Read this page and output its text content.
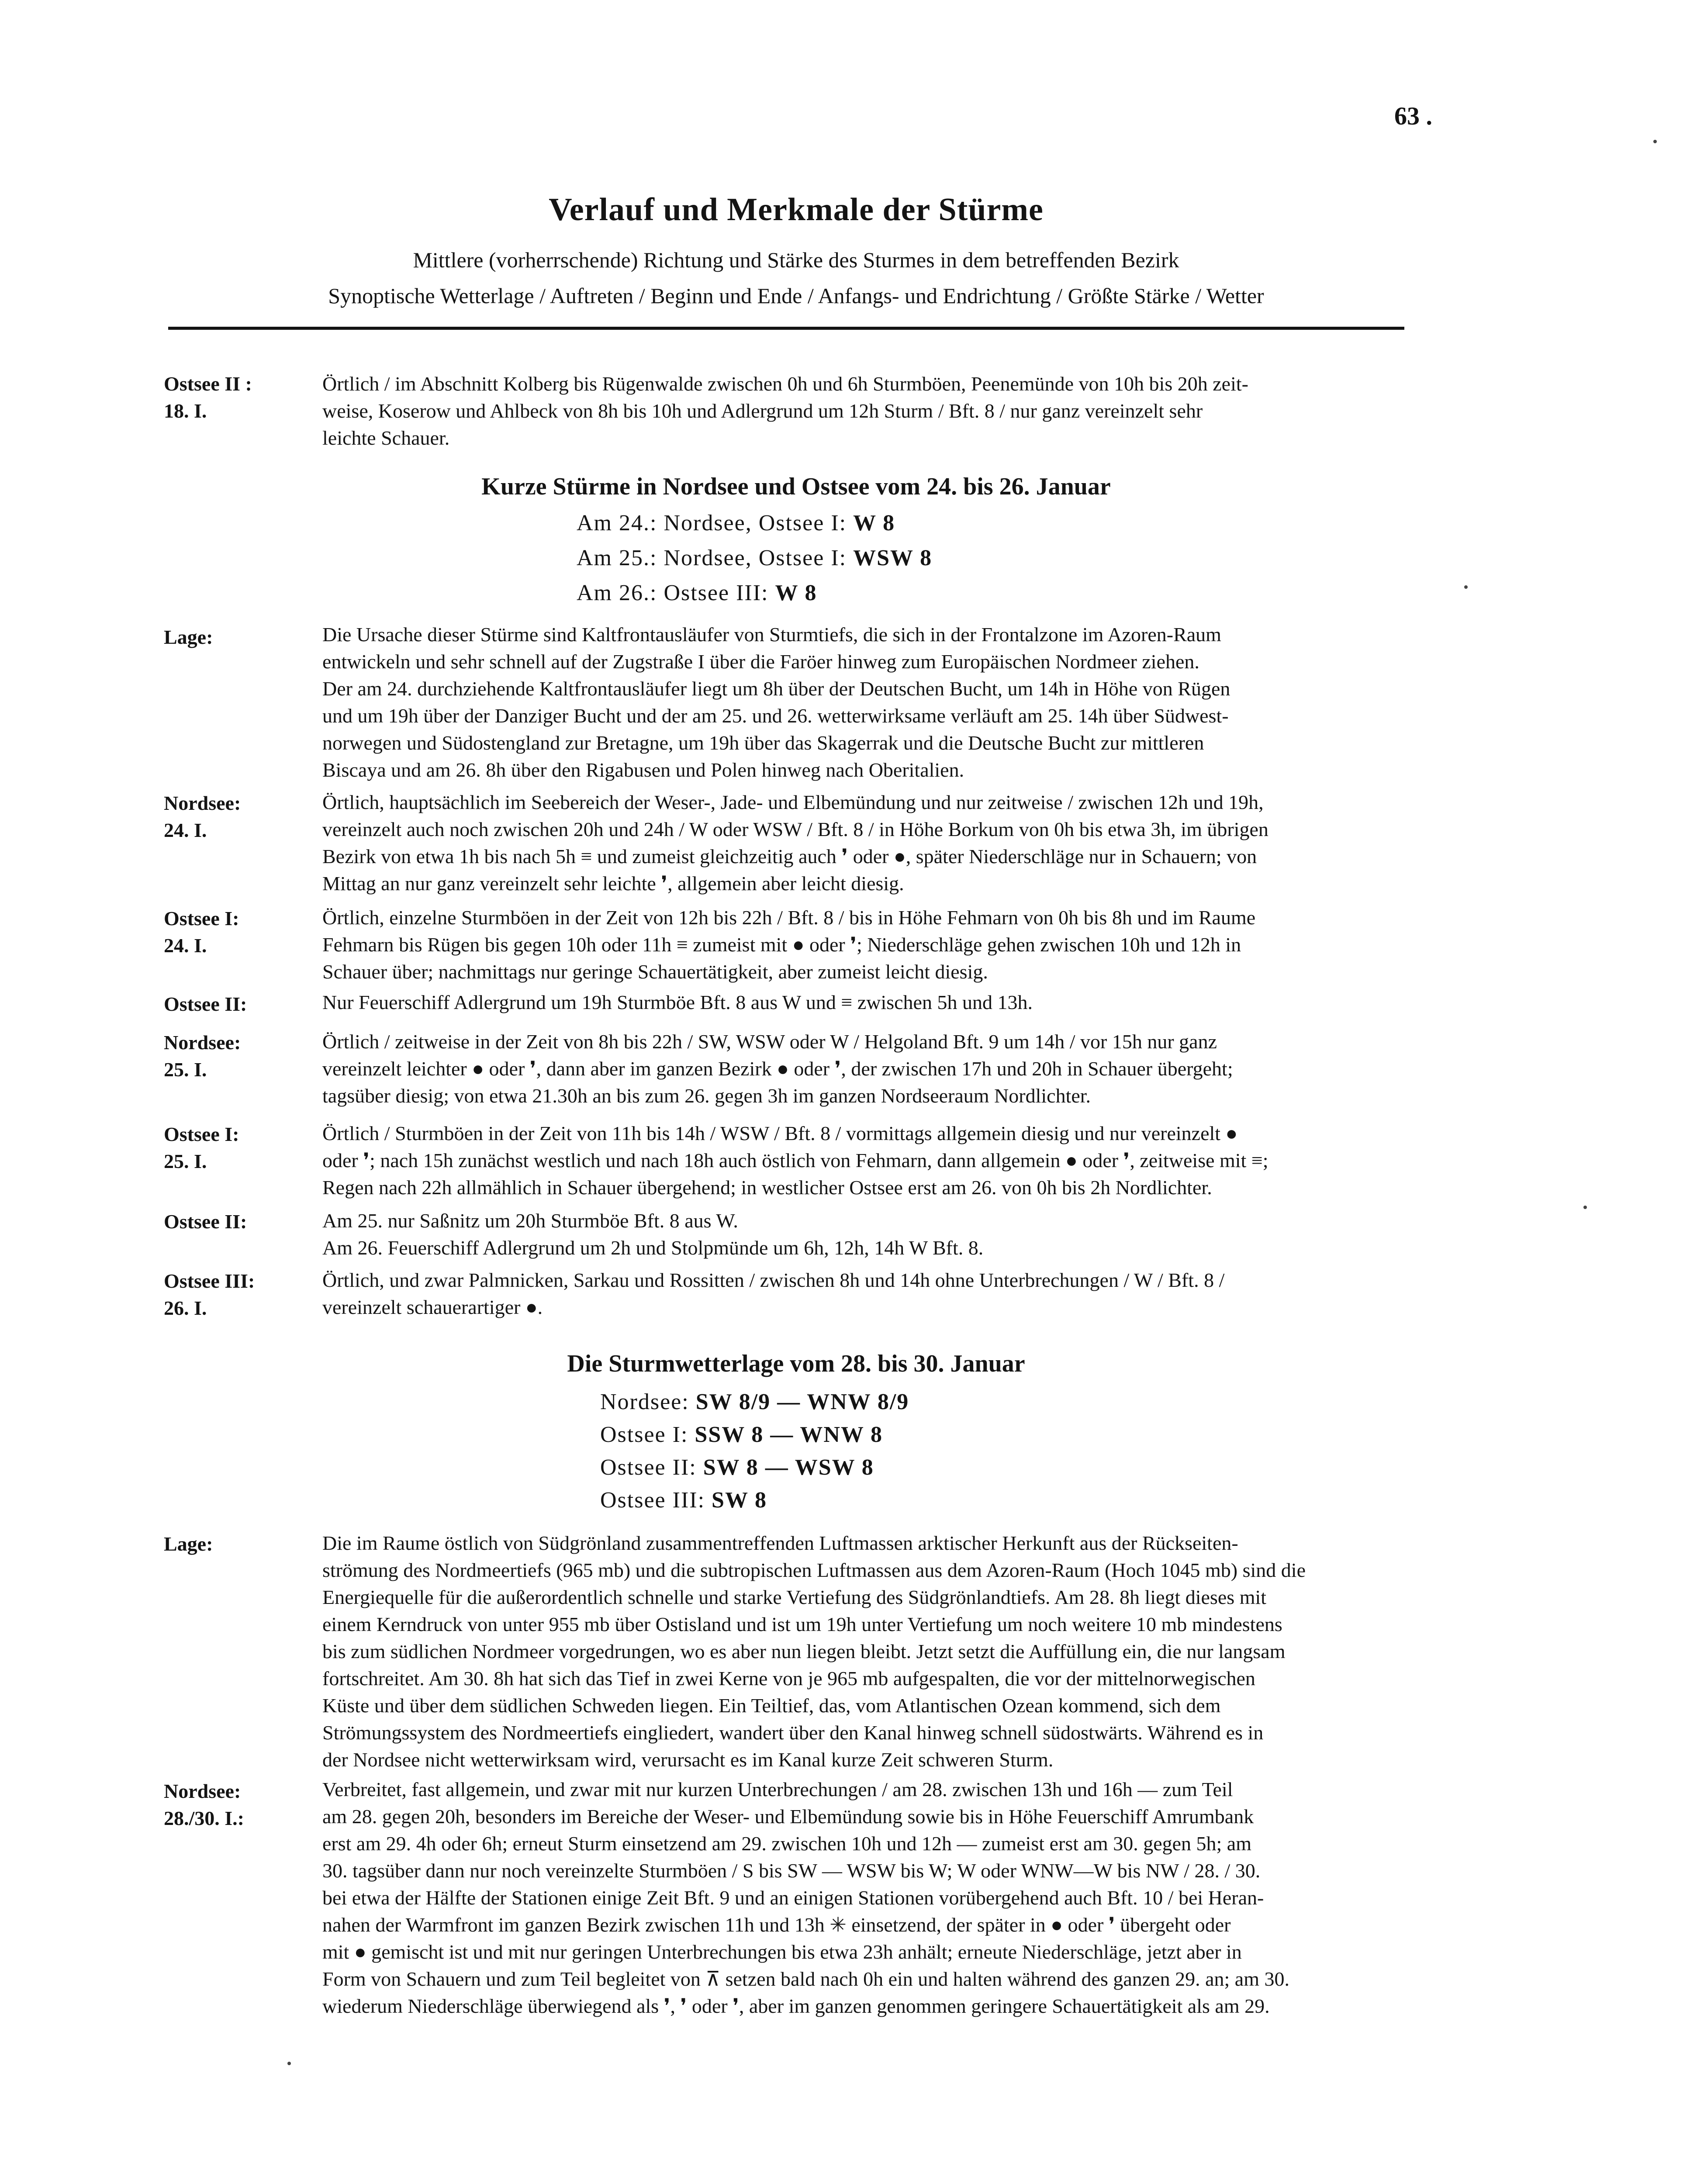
63 .
Verlauf und Merkmale der Stürme
Mittlere (vorherrschende) Richtung und Stärke des Sturmes in dem betreffenden Bezirk
Synoptische Wetterlage / Auftreten / Beginn und Ende / Anfangs- und Endrichtung / Größte Stärke / Wetter
Ostsee II :
18. I.
Örtlich / im Abschnitt Kolberg bis Rügenwalde zwischen 0h und 6h Sturmböen, Peenemünde von 10h bis 20h zeit-
weise, Koserow und Ahlbeck von 8h bis 10h und Adlergrund um 12h Sturm / Bft. 8 / nur ganz vereinzelt sehr
leichte Schauer.
Kurze Stürme in Nordsee und Ostsee vom 24. bis 26. Januar
Am 24.: Nordsee, Ostsee I: W 8
Am 25.: Nordsee, Ostsee I: WSW 8
Am 26.: Ostsee III: W 8
Lage:	Die Ursache dieser Stürme sind Kaltfrontausläufer von Sturmtiefs, die sich in der Frontalzone im Azoren-Raum
entwickeln und sehr schnell auf der Zugstraße I über die Faröer hinweg zum Europäischen Nordmeer ziehen.
Der am 24. durchziehende Kaltfrontausläufer liegt um 8h über der Deutschen Bucht, um 14h in Höhe von Rügen
und um 19h über der Danziger Bucht und der am 25. und 26. wetterwirksame verläuft am 25. 14h über Südwest-
norwegen und Südostengland zur Bretagne, um 19h über das Skagerrak und die Deutsche Bucht zur mittleren
Biscaya und am 26. 8h über den Rigabusen und Polen hinweg nach Oberitalien.
Nordsee:
24. I.
Örtlich, hauptsächlich im Seebereich der Weser-, Jade- und Elbemündung und nur zeitweise / zwischen 12h und 19h,
vereinzelt auch noch zwischen 20h und 24h / W oder WSW / Bft. 8 / in Höhe Borkum von 0h bis etwa 3h, im übrigen
Bezirk von etwa 1h bis nach 5h ≡ und zumeist gleichzeitig auch ❜ oder ●, später Niederschläge nur in Schauern; von
Mittag an nur ganz vereinzelt sehr leichte ❜, allgemein aber leicht diesig.
Ostsee I:
24. I.
Örtlich, einzelne Sturmböen in der Zeit von 12h bis 22h / Bft. 8 / bis in Höhe Fehmarn von 0h bis 8h und im Raume
Fehmarn bis Rügen bis gegen 10h oder 11h ≡ zumeist mit ● oder ❜; Niederschläge gehen zwischen 10h und 12h in
Schauer über; nachmittags nur geringe Schauertätigkeit, aber zumeist leicht diesig.
Ostsee II:	Nur Feuerschiff Adlergrund um 19h Sturmböe Bft. 8 aus W und ≡ zwischen 5h und 13h.
Nordsee:
25. I.
Örtlich / zeitweise in der Zeit von 8h bis 22h / SW, WSW oder W / Helgoland Bft. 9 um 14h / vor 15h nur ganz
vereinzelt leichter ● oder ❜, dann aber im ganzen Bezirk ● oder ❜, der zwischen 17h und 20h in Schauer übergeht;
tagsüber diesig; von etwa 21.30h an bis zum 26. gegen 3h im ganzen Nordseeraum Nordlichter.
Ostsee I:
25. I.
Örtlich / Sturmböen in der Zeit von 11h bis 14h / WSW / Bft. 8 / vormittags allgemein diesig und nur vereinzelt ●
oder ❜; nach 15h zunächst westlich und nach 18h auch östlich von Fehmarn, dann allgemein ● oder ❜, zeitweise mit ≡;
Regen nach 22h allmählich in Schauer übergehend; in westlicher Ostsee erst am 26. von 0h bis 2h Nordlichter.
Ostsee II:	Am 25. nur Saßnitz um 20h Sturmböe Bft. 8 aus W.
Am 26. Feuerschiff Adlergrund um 2h und Stolpmünde um 6h, 12h, 14h W Bft. 8.
Ostsee III:
26. I.
Örtlich, und zwar Palmnicken, Sarkau und Rossitten / zwischen 8h und 14h ohne Unterbrechungen / W / Bft. 8 /
vereinzelt schauerartiger ●.
Die Sturmwetterlage vom 28. bis 30. Januar
Nordsee: SW 8/9 — WNW 8/9
Ostsee I: SSW 8 — WNW 8
Ostsee II: SW 8 — WSW 8
Ostsee III: SW 8
Lage:	Die im Raume östlich von Südgrönland zusammentreffenden Luftmassen arktischer Herkunft aus der Rückseiten-
strömung des Nordmeertiefs (965 mb) und die subtropischen Luftmassen aus dem Azoren-Raum (Hoch 1045 mb) sind die
Energiequelle für die außerordentlich schnelle und starke Vertiefung des Südgrönlandtiefs. Am 28. 8h liegt dieses mit
einem Kerndruck von unter 955 mb über Ostisland und ist um 19h unter Vertiefung um noch weitere 10 mb mindestens
bis zum südlichen Nordmeer vorgedrungen, wo es aber nun liegen bleibt. Jetzt setzt die Auffüllung ein, die nur langsam
fortschreitet. Am 30. 8h hat sich das Tief in zwei Kerne von je 965 mb aufgespalten, die vor der mittelnorwegischen
Küste und über dem südlichen Schweden liegen. Ein Teiltief, das, vom Atlantischen Ozean kommend, sich dem
Strömungssystem des Nordmeertiefs eingliedert, wandert über den Kanal hinweg schnell südostwärts. Während es in
der Nordsee nicht wetterwirksam wird, verursacht es im Kanal kurze Zeit schweren Sturm.
Nordsee:
28./30. I.:
Verbreitet, fast allgemein, und zwar mit nur kurzen Unterbrechungen / am 28. zwischen 13h und 16h — zum Teil
am 28. gegen 20h, besonders im Bereiche der Weser- und Elbemündung sowie bis in Höhe Feuerschiff Amrumbank
erst am 29. 4h oder 6h; erneut Sturm einsetzend am 29. zwischen 10h und 12h — zumeist erst am 30. gegen 5h; am
30. tagsüber dann nur noch vereinzelte Sturmböen / S bis SW — WSW bis W; W oder WNW—W bis NW / 28. / 30.
bei etwa der Hälfte der Stationen einige Zeit Bft. 9 und an einigen Stationen vorübergehend auch Bft. 10 / bei Heran-
nahen der Warmfront im ganzen Bezirk zwischen 11h und 13h ✳ einsetzend, der später in ● oder ❜ übergeht oder
mit ● gemischt ist und mit nur geringen Unterbrechungen bis etwa 23h anhält; erneute Niederschläge, jetzt aber in
Form von Schauern und zum Teil begleitet von ⊼ setzen bald nach 0h ein und halten während des ganzen 29. an; am 30.
wiederum Niederschläge überwiegend als ❜, ❜ oder ❜, aber im ganzen genommen geringere Schauertätigkeit als am 29.
